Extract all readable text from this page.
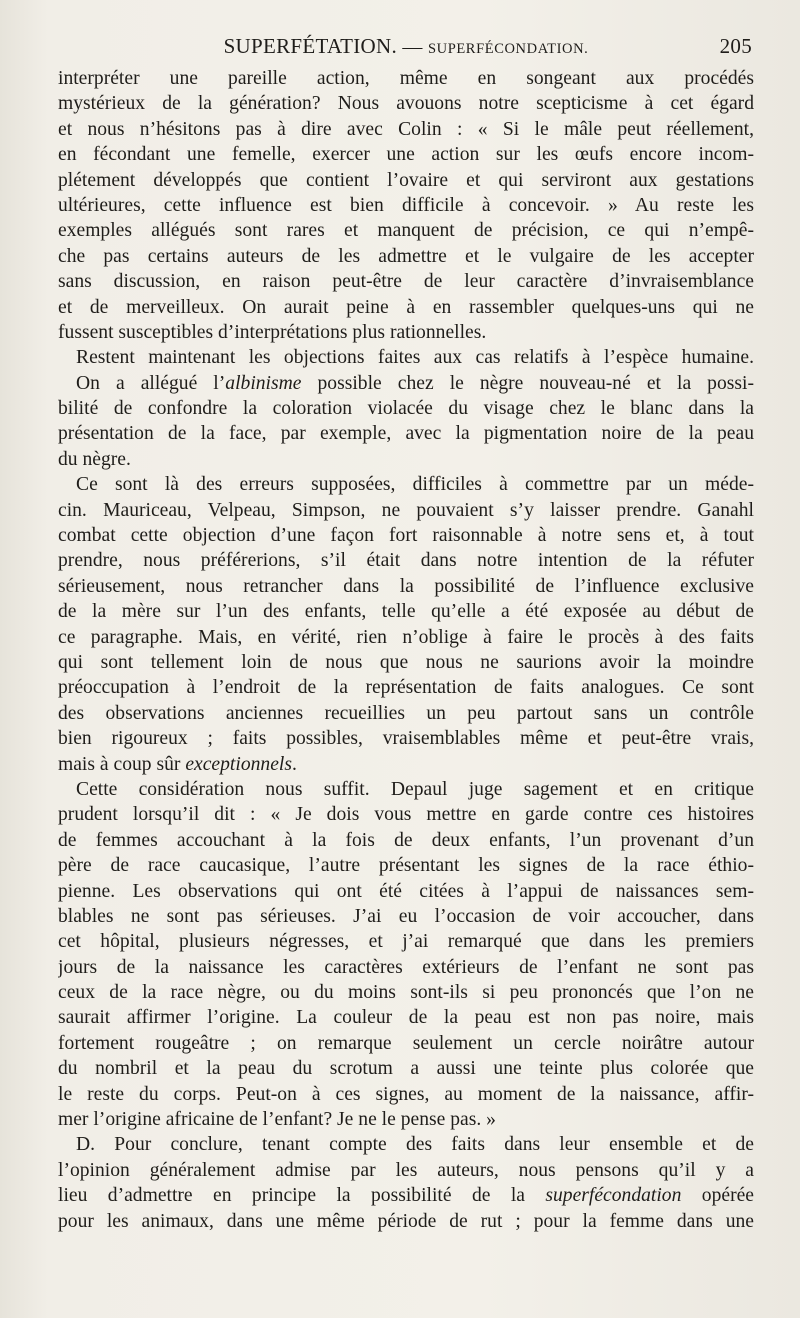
SUPERFÉTATION. — SUPERFÉCONDATION.	205
interpréter une pareille action, même en songeant aux procédés
mystérieux de la génération? Nous avouons notre scepticisme à cet égard
et nous n’hésitons pas à dire avec Colin : « Si le mâle peut réellement,
en fécondant une femelle, exercer une action sur les œufs encore incom-
plétement développés que contient l’ovaire et qui serviront aux gestations
ultérieures, cette influence est bien difficile à concevoir. » Au reste les
exemples allégués sont rares et manquent de précision, ce qui n’empê-
che pas certains auteurs de les admettre et le vulgaire de les accepter
sans discussion, en raison peut-être de leur caractère d’invraisemblance
et de merveilleux. On aurait peine à en rassembler quelques-uns qui ne
fussent susceptibles d’interprétations plus rationnelles.
Restent maintenant les objections faites aux cas relatifs à l’espèce humaine.
On a allégué l’albinisme possible chez le nègre nouveau-né et la possi-
bilité de confondre la coloration violacée du visage chez le blanc dans la
présentation de la face, par exemple, avec la pigmentation noire de la peau
du nègre.
Ce sont là des erreurs supposées, difficiles à commettre par un méde-
cin. Mauriceau, Velpeau, Simpson, ne pouvaient s’y laisser prendre. Ganahl
combat cette objection d’une façon fort raisonnable à notre sens et, à tout
prendre, nous préférerions, s’il était dans notre intention de la réfuter
sérieusement, nous retrancher dans la possibilité de l’influence exclusive
de la mère sur l’un des enfants, telle qu’elle a été exposée au début de
ce paragraphe. Mais, en vérité, rien n’oblige à faire le procès à des faits
qui sont tellement loin de nous que nous ne saurions avoir la moindre
préoccupation à l’endroit de la représentation de faits analogues. Ce sont
des observations anciennes recueillies un peu partout sans un contrôle
bien rigoureux ; faits possibles, vraisemblables même et peut-être vrais,
mais à coup sûr exceptionnels.
Cette considération nous suffit. Depaul juge sagement et en critique
prudent lorsqu’il dit : « Je dois vous mettre en garde contre ces histoires
de femmes accouchant à la fois de deux enfants, l’un provenant d’un
père de race caucasique, l’autre présentant les signes de la race éthio-
pienne. Les observations qui ont été citées à l’appui de naissances sem-
blables ne sont pas sérieuses. J’ai eu l’occasion de voir accoucher, dans
cet hôpital, plusieurs négresses, et j’ai remarqué que dans les premiers
jours de la naissance les caractères extérieurs de l’enfant ne sont pas
ceux de la race nègre, ou du moins sont-ils si peu prononcés que l’on ne
saurait affirmer l’origine. La couleur de la peau est non pas noire, mais
fortement rougeâtre ; on remarque seulement un cercle noirâtre autour
du nombril et la peau du scrotum a aussi une teinte plus colorée que
le reste du corps. Peut-on à ces signes, au moment de la naissance, affir-
mer l’origine africaine de l’enfant? Je ne le pense pas. »
D. Pour conclure, tenant compte des faits dans leur ensemble et de
l’opinion généralement admise par les auteurs, nous pensons qu’il y a
lieu d’admettre en principe la possibilité de la superfécondation opérée
pour les animaux, dans une même période de rut ; pour la femme dans une
